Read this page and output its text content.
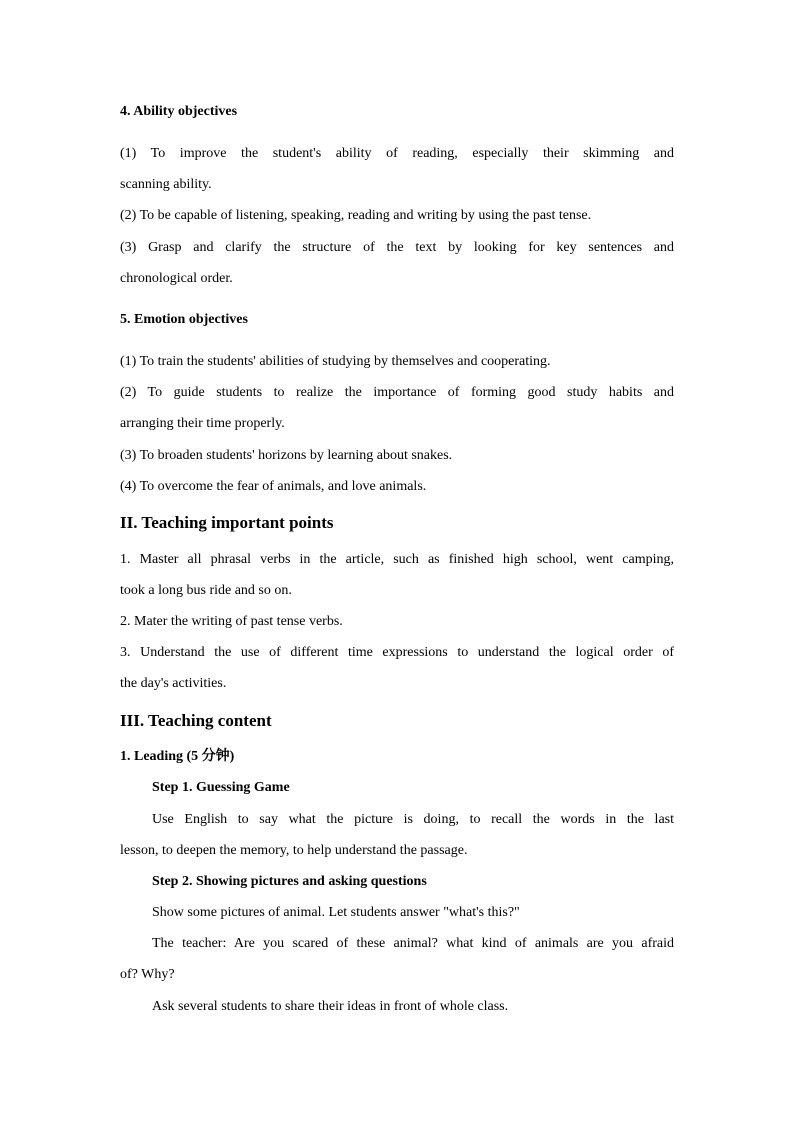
4. Ability objectives
(1) To improve the student's ability of reading, especially their skimming and
scanning ability.
(2) To be capable of listening, speaking, reading and writing by using the past tense.
(3) Grasp and clarify the structure of the text by looking for key sentences and
chronological order.
5. Emotion objectives
(1) To train the students' abilities of studying by themselves and cooperating.
(2) To guide students to realize the importance of forming good study habits and
arranging their time properly.
(3) To broaden students' horizons by learning about snakes.
(4) To overcome the fear of animals, and love animals.
II. Teaching important points
1. Master all phrasal verbs in the article, such as finished high school, went camping,
took a long bus ride and so on.
2. Mater the writing of past tense verbs.
3. Understand the use of different time expressions to understand the logical order of
the day's activities.
III. Teaching content
1. Leading (5 分钟)
Step 1. Guessing Game
Use English to say what the picture is doing, to recall the words in the last
lesson, to deepen the memory, to help understand the passage.
Step 2. Showing pictures and asking questions
Show some pictures of animal. Let students answer "what's this?"
The teacher: Are you scared of these animal? what kind of animals are you afraid
of? Why?
Ask several students to share their ideas in front of whole class.
